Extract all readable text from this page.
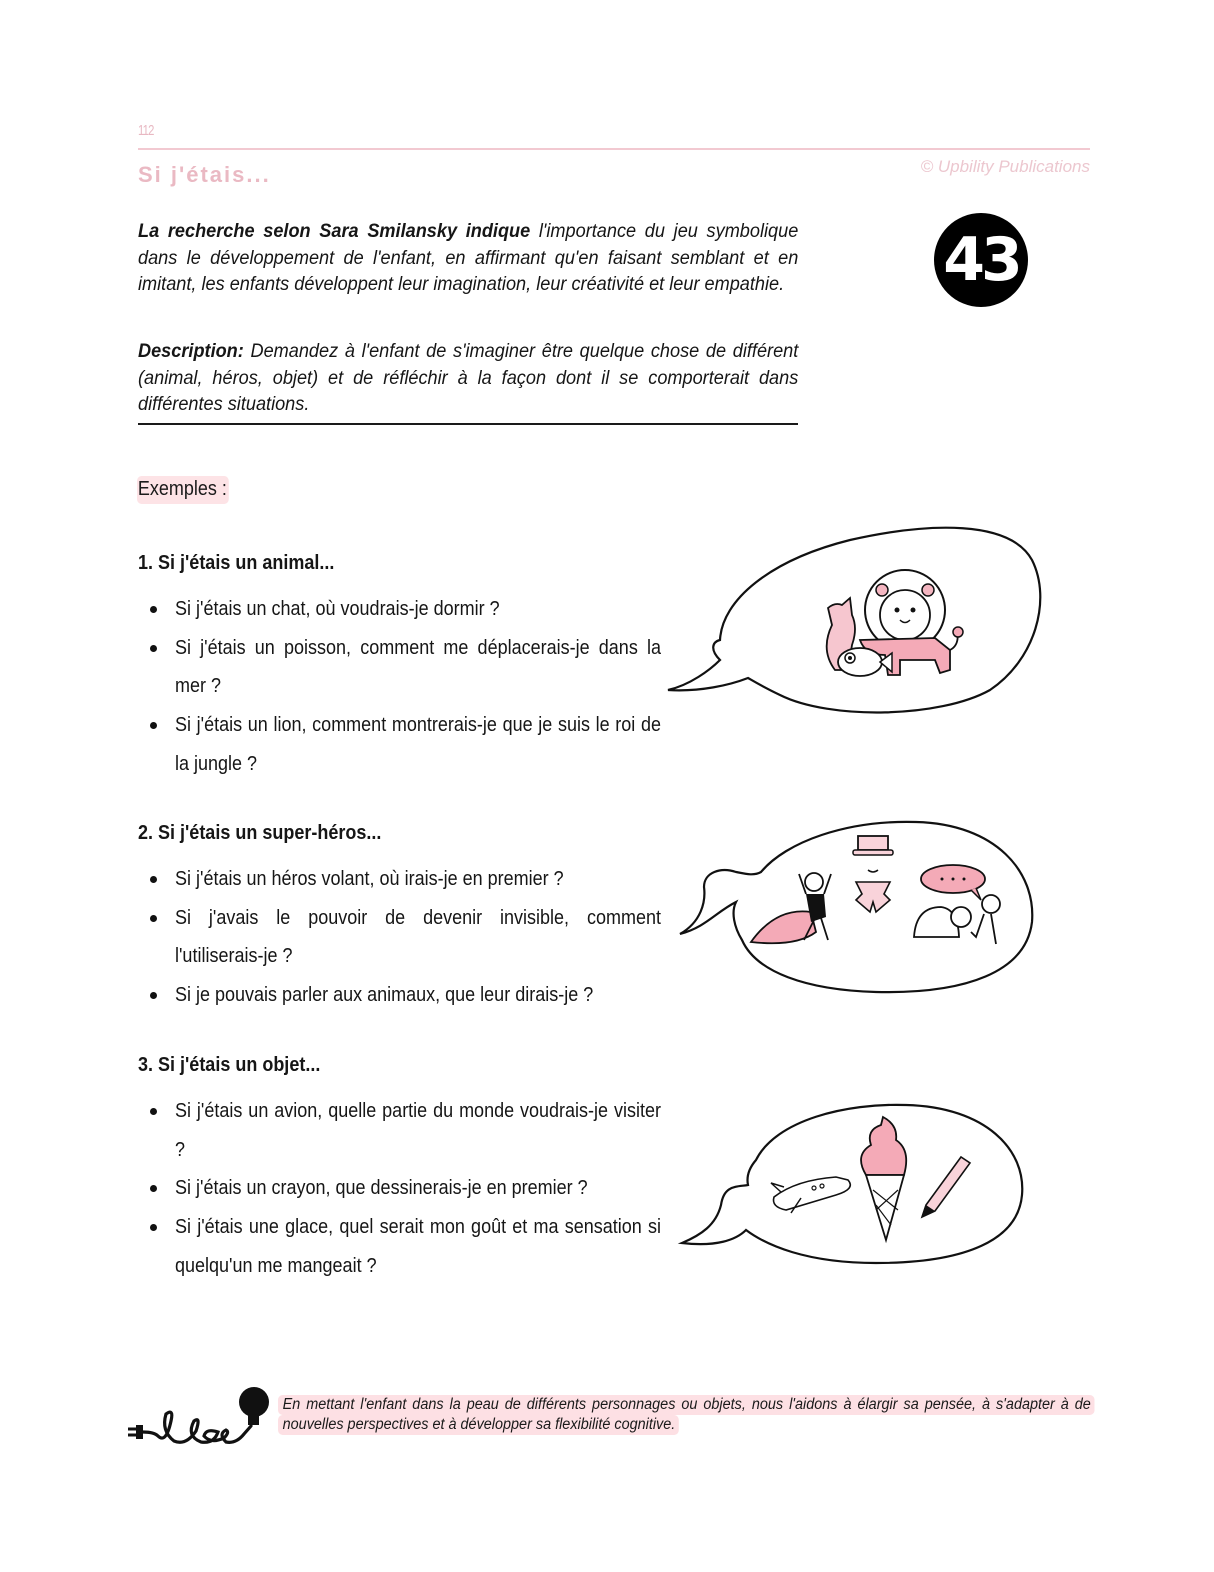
112
Si j'étais...	© Upbility Publications
43

La recherche selon Sara Smilansky indique l'importance du jeu symbolique dans le développement de l'enfant, en affirmant qu'en faisant semblant et en imitant, les enfants développent leur imagination, leur créativité et leur empathie.

Description: Demandez à l'enfant de s'imaginer être quelque chose de différent (animal, héros, objet) et de réfléchir à la façon dont il se comporterait dans différentes situations.

Exemples :
1. Si j'étais un animal...
Si j'étais un chat, où voudrais-je dormir ?
Si j'étais un poisson, comment me déplacerais-je dans la mer ?
Si j'étais un lion, comment montrerais-je que je suis le roi de la jungle ?
2. Si j'étais un super-héros...
Si j'étais un héros volant, où irais-je en premier ?
Si j'avais le pouvoir de devenir invisible, comment l'utiliserais-je ?
Si je pouvais parler aux animaux, que leur dirais-je ?
3. Si j'étais un objet...
Si j'étais un avion, quelle partie du monde voudrais-je visiter ?
Si j'étais un crayon, que dessinerais-je en premier ?
Si j'étais une glace, quel serait mon goût et ma sensation si quelqu'un me mangeait ?
En mettant l'enfant dans la peau de différents personnages ou objets, nous l'aidons à élargir sa pensée, à s'adapter à de nouvelles perspectives et à développer sa flexibilité cognitive.
